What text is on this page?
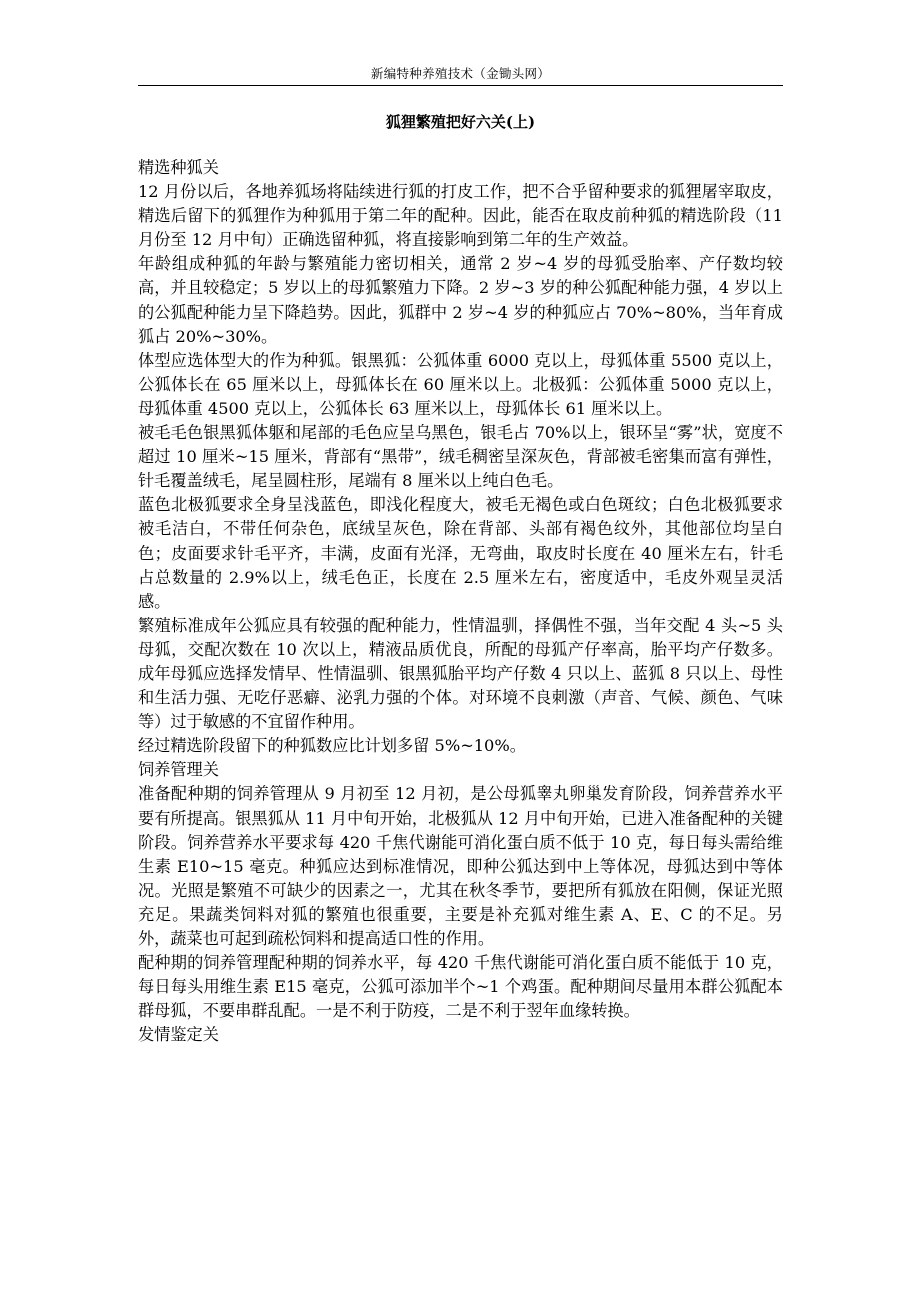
新编特种养殖技术（金锄头网）
狐狸繁殖把好六关(上)

精选种狐关

12 月份以后，各地养狐场将陆续进行狐的打皮工作，把不合乎留种要求的狐狸屠宰取皮，精选后留下的狐狸作为种狐用于第二年的配种。因此，能否在取皮前种狐的精选阶段（11 月份至 12 月中旬）正确选留种狐，将直接影响到第二年的生产效益。

年龄组成种狐的年龄与繁殖能力密切相关，通常 2 岁~4 岁的母狐受胎率、产仔数均较高，并且较稳定；5 岁以上的母狐繁殖力下降。2 岁~3 岁的种公狐配种能力强，4 岁以上的公狐配种能力呈下降趋势。因此，狐群中 2 岁~4 岁的种狐应占 70%~80%，当年育成狐占 20%~30%。

体型应选体型大的作为种狐。银黑狐：公狐体重 6000 克以上，母狐体重 5500 克以上，公狐体长在 65 厘米以上，母狐体长在 60 厘米以上。北极狐：公狐体重 5000 克以上，母狐体重 4500 克以上，公狐体长 63 厘米以上，母狐体长 61 厘米以上。

被毛毛色银黑狐体躯和尾部的毛色应呈乌黑色，银毛占 70%以上，银环呈“雾”状，宽度不超过 10 厘米~15 厘米，背部有“黑带”，绒毛稠密呈深灰色，背部被毛密集而富有弹性，针毛覆盖绒毛，尾呈圆柱形，尾端有 8 厘米以上纯白色毛。

蓝色北极狐要求全身呈浅蓝色，即浅化程度大，被毛无褐色或白色斑纹；白色北极狐要求被毛洁白，不带任何杂色，底绒呈灰色，除在背部、头部有褐色纹外，其他部位均呈白色；皮面要求针毛平齐，丰满，皮面有光泽，无弯曲，取皮时长度在 40 厘米左右，针毛占总数量的 2.9%以上，绒毛色正，长度在 2.5 厘米左右，密度适中，毛皮外观呈灵活感。

繁殖标准成年公狐应具有较强的配种能力，性情温驯，择偶性不强，当年交配 4 头~5 头母狐，交配次数在 10 次以上，精液品质优良，所配的母狐产仔率高，胎平均产仔数多。成年母狐应选择发情早、性情温驯、银黑狐胎平均产仔数 4 只以上、蓝狐 8 只以上、母性和生活力强、无吃仔恶癖、泌乳力强的个体。对环境不良刺激（声音、气候、颜色、气味等）过于敏感的不宜留作种用。

经过精选阶段留下的种狐数应比计划多留 5%~10%。

饲养管理关

准备配种期的饲养管理从 9 月初至 12 月初，是公母狐睾丸卵巢发育阶段，饲养营养水平要有所提高。银黑狐从 11 月中旬开始，北极狐从 12 月中旬开始，已进入准备配种的关键阶段。饲养营养水平要求每 420 千焦代谢能可消化蛋白质不低于 10 克，每日每头需给维生素 E10~15 毫克。种狐应达到标准情况，即种公狐达到中上等体况，母狐达到中等体况。光照是繁殖不可缺少的因素之一，尤其在秋冬季节，要把所有狐放在阳侧，保证光照充足。果蔬类饲料对狐的繁殖也很重要，主要是补充狐对维生素 A、E、C 的不足。另外，蔬菜也可起到疏松饲料和提高适口性的作用。

配种期的饲养管理配种期的饲养水平，每 420 千焦代谢能可消化蛋白质不能低于 10 克，每日每头用维生素 E15 毫克，公狐可添加半个~1 个鸡蛋。配种期间尽量用本群公狐配本群母狐，不要串群乱配。一是不利于防疫，二是不利于翌年血缘转换。

发情鉴定关
